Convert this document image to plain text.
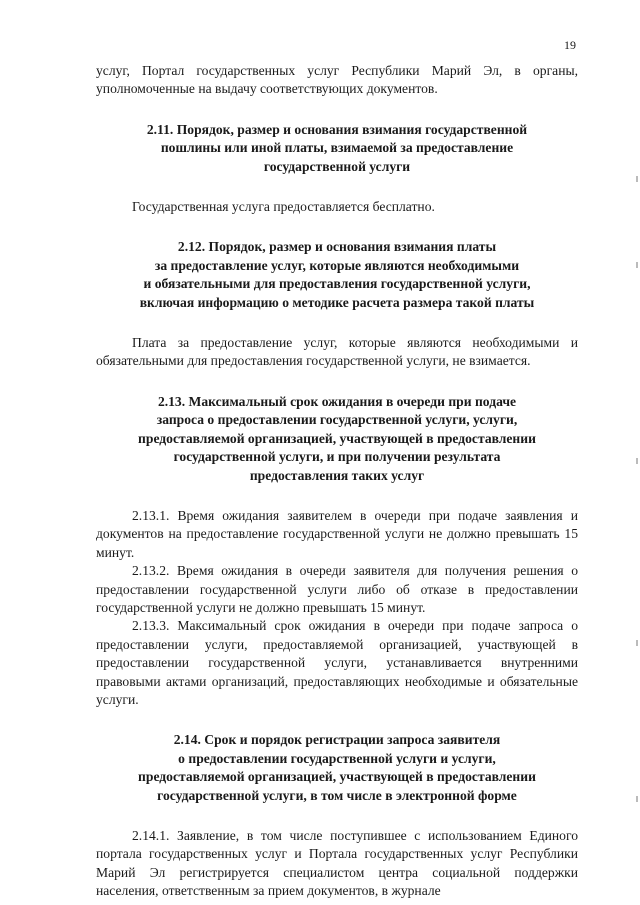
19

услуг, Портал государственных услуг Республики Марий Эл, в органы, уполномоченные на выдачу соответствующих документов.

2.11. Порядок, размер и основания взимания государственной
пошлины или иной платы, взимаемой за предоставление
государственной услуги

Государственная услуга предоставляется бесплатно.

2.12. Порядок, размер и основания взимания платы
за предоставление услуг, которые являются необходимыми
и обязательными для предоставления государственной услуги,
включая информацию о методике расчета размера такой платы

Плата за предоставление услуг, которые являются необходимыми и обязательными для предоставления государственной услуги, не взимается.

2.13. Максимальный срок ожидания в очереди при подаче
запроса о предоставлении государственной услуги, услуги,
предоставляемой организацией, участвующей в предоставлении
государственной услуги, и при получении результата
предоставления таких услуг

2.13.1. Время ожидания заявителем в очереди при подаче заявления и документов на предоставление государственной услуги не должно превышать 15 минут.

2.13.2. Время ожидания в очереди заявителя для получения решения о предоставлении государственной услуги либо об отказе в предоставлении государственной услуги не должно превышать 15 минут.

2.13.3. Максимальный срок ожидания в очереди при подаче запроса о предоставлении услуги, предоставляемой организацией, участвующей в предоставлении государственной услуги, устанавливается внутренними правовыми актами организаций, предоставляющих необходимые и обязательные услуги.

2.14. Срок и порядок регистрации запроса заявителя
о предоставлении государственной услуги и услуги,
предоставляемой организацией, участвующей в предоставлении
государственной услуги, в том числе в электронной форме

2.14.1. Заявление, в том числе поступившее с использованием Единого портала государственных услуг и Портала государственных услуг Республики Марий Эл регистрируется специалистом центра социальной поддержки населения, ответственным за прием документов, в журнале
